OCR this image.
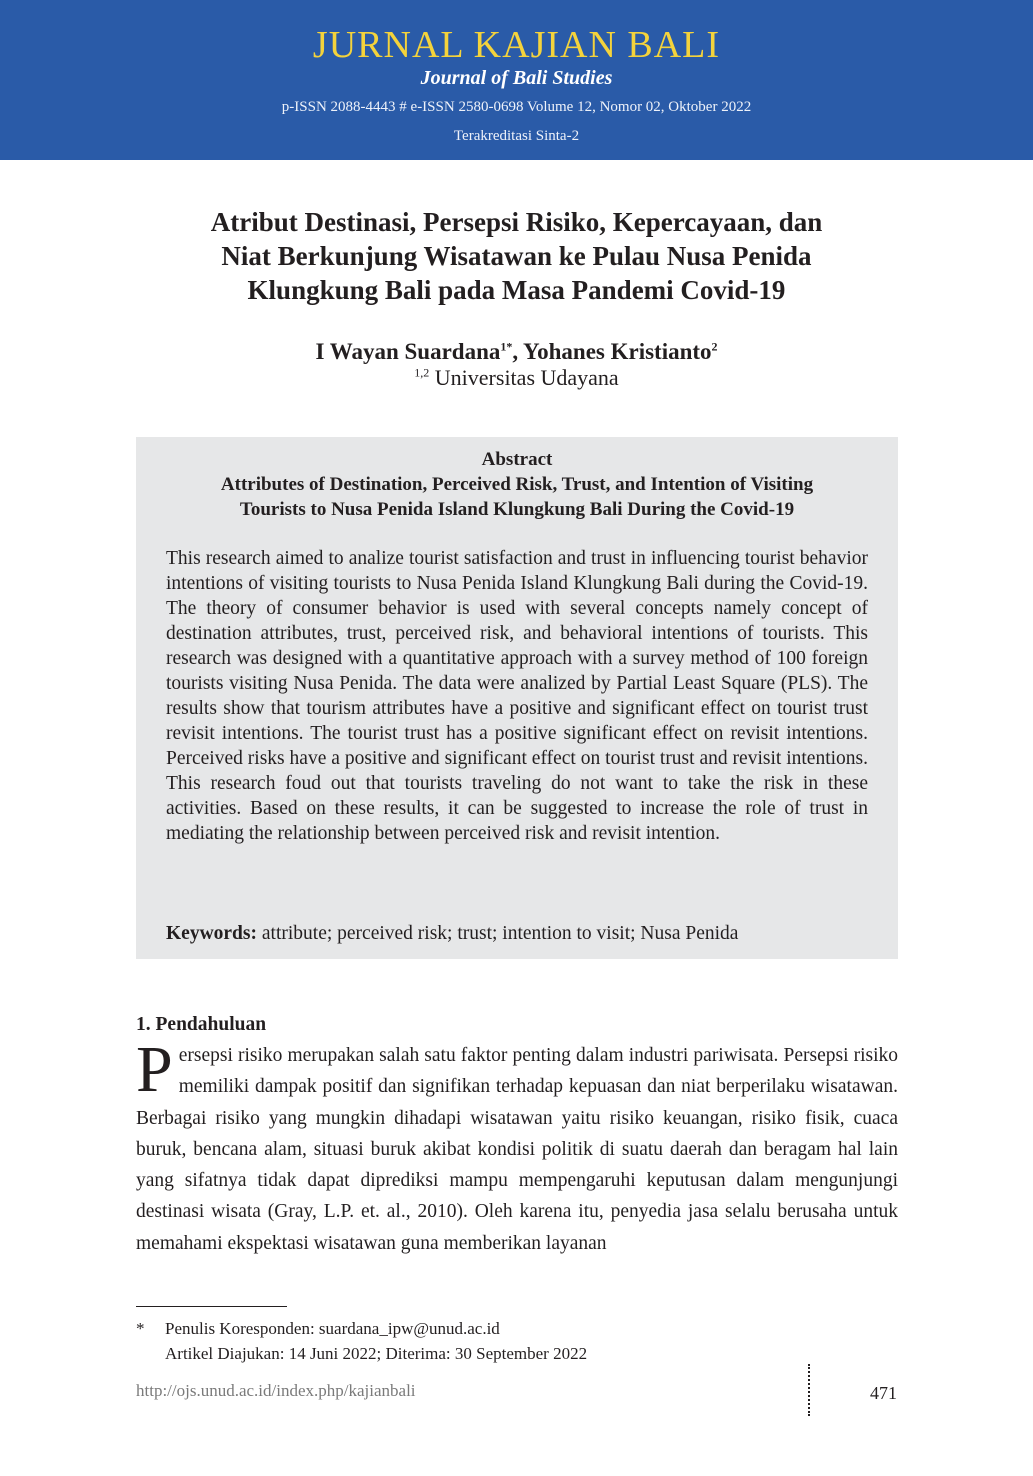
JURNAL KAJIAN BALI
Journal of Bali Studies
p-ISSN 2088-4443 # e-ISSN 2580-0698 Volume 12, Nomor 02, Oktober 2022
Terakreditasi Sinta-2
Atribut Destinasi, Persepsi Risiko, Kepercayaan, dan
Niat Berkunjung Wisatawan ke Pulau Nusa Penida
Klungkung Bali pada Masa Pandemi Covid-19
I Wayan Suardana$^{1*}$, Yohanes Kristianto$^2$
$^{1,2}$ Universitas Udayana
Abstract
Attributes of Destination, Perceived Risk, Trust, and Intention of Visiting
Tourists to Nusa Penida Island Klungkung Bali During the Covid-19
This research aimed to analize tourist satisfaction and trust in influencing tourist behavior intentions of visiting tourists to Nusa Penida Island Klungkung Bali during the Covid-19. The theory of consumer behavior is used with several concepts namely concept of destination attributes, trust, perceived risk, and behavioral intentions of tourists. This research was designed with a quantitative approach with a survey method of 100 foreign tourists visiting Nusa Penida. The data were analized by Partial Least Square (PLS). The results show that tourism attributes have a positive and significant effect on tourist trust revisit intentions. The tourist trust has a positive significant effect on revisit intentions. Perceived risks have a positive and significant effect on tourist trust and revisit intentions. This research foud out that tourists traveling do not want to take the risk in these activities. Based on these results, it can be suggested to increase the role of trust in mediating the relationship between perceived risk and revisit intention.
Keywords: attribute; perceived risk; trust; intention to visit; Nusa Penida
1. Pendahuluan
Persepsi risiko merupakan salah satu faktor penting dalam industri pariwisata. Persepsi risiko memiliki dampak positif dan signifikan terhadap kepuasan dan niat berperilaku wisatawan. Berbagai risiko yang mungkin dihadapi wisatawan yaitu risiko keuangan, risiko fisik, cuaca buruk, bencana alam, situasi buruk akibat kondisi politik di suatu daerah dan beragam hal lain yang sifatnya tidak dapat diprediksi mampu mempengaruhi keputusan dalam mengunjungi destinasi wisata (Gray, L.P. et. al., 2010). Oleh karena itu, penyedia jasa selalu berusaha untuk memahami ekspektasi wisatawan guna memberikan layanan
* Penulis Koresponden: suardana_ipw@unud.ac.id
Artikel Diajukan: 14 Juni 2022; Diterima: 30 September 2022
http://ojs.unud.ac.id/index.php/kajianbali	471
